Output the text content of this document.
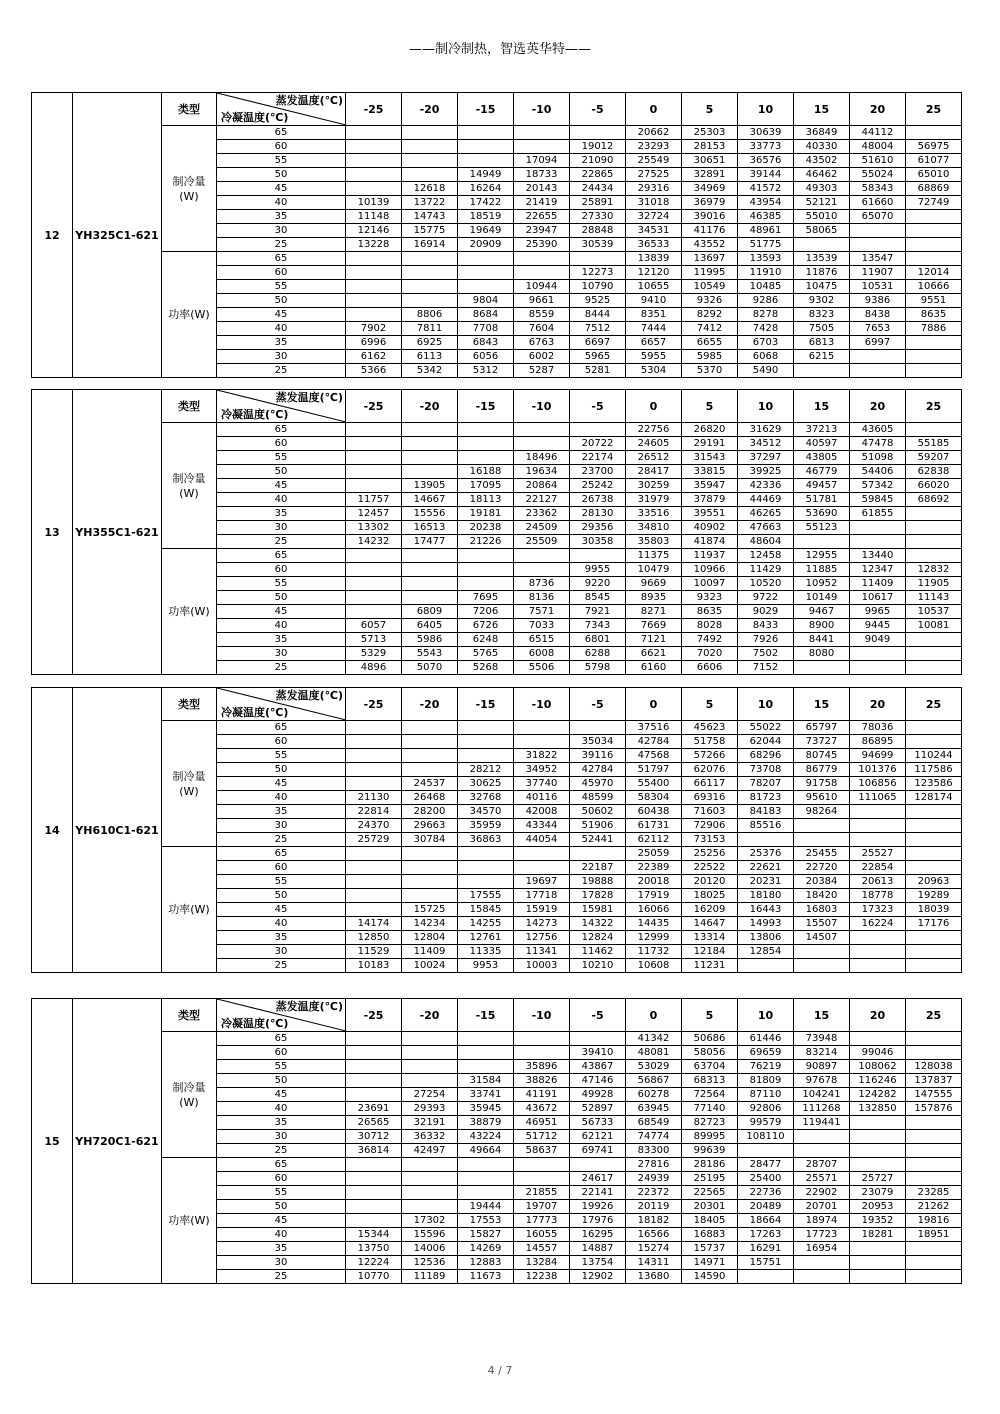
——制冷制热，智选英华特——
12	YH325C1-621	类型	蒸发温度(℃)
冷凝温度(℃)	-25	-20	-15	-10	-5	0	5	10	15	20	25
		制冷量
(W)	65						20662	25303	30639	36849	44112	
			60					19012	23293	28153	33773	40330	48004	56975
			55				17094	21090	25549	30651	36576	43502	51610	61077
			50			14949	18733	22865	27525	32891	39144	46462	55024	65010
			45		12618	16264	20143	24434	29316	34969	41572	49303	58343	68869
			40	10139	13722	17422	21419	25891	31018	36979	43954	52121	61660	72749
			35	11148	14743	18519	22655	27330	32724	39016	46385	55010	65070	
			30	12146	15775	19649	23947	28848	34531	41176	48961	58065		
			25	13228	16914	20909	25390	30539	36533	43552	51775			
		功率(W)	65						13839	13697	13593	13539	13547	
			60					12273	12120	11995	11910	11876	11907	12014
			55				10944	10790	10655	10549	10485	10475	10531	10666
			50			9804	9661	9525	9410	9326	9286	9302	9386	9551
			45		8806	8684	8559	8444	8351	8292	8278	8323	8438	8635
			40	7902	7811	7708	7604	7512	7444	7412	7428	7505	7653	7886
			35	6996	6925	6843	6763	6697	6657	6655	6703	6813	6997	
			30	6162	6113	6056	6002	5965	5955	5985	6068	6215		
			25	5366	5342	5312	5287	5281	5304	5370	5490			
13	YH355C1-621	类型	蒸发温度(℃)
冷凝温度(℃)	-25	-20	-15	-10	-5	0	5	10	15	20	25
		制冷量
(W)	65						22756	26820	31629	37213	43605	
			60					20722	24605	29191	34512	40597	47478	55185
			55				18496	22174	26512	31543	37297	43805	51098	59207
			50			16188	19634	23700	28417	33815	39925	46779	54406	62838
			45		13905	17095	20864	25242	30259	35947	42336	49457	57342	66020
			40	11757	14667	18113	22127	26738	31979	37879	44469	51781	59845	68692
			35	12457	15556	19181	23362	28130	33516	39551	46265	53690	61855	
			30	13302	16513	20238	24509	29356	34810	40902	47663	55123		
			25	14232	17477	21226	25509	30358	35803	41874	48604			
		功率(W)	65						11375	11937	12458	12955	13440	
			60					9955	10479	10966	11429	11885	12347	12832
			55				8736	9220	9669	10097	10520	10952	11409	11905
			50			7695	8136	8545	8935	9323	9722	10149	10617	11143
			45		6809	7206	7571	7921	8271	8635	9029	9467	9965	10537
			40	6057	6405	6726	7033	7343	7669	8028	8433	8900	9445	10081
			35	5713	5986	6248	6515	6801	7121	7492	7926	8441	9049	
			30	5329	5543	5765	6008	6288	6621	7020	7502	8080		
			25	4896	5070	5268	5506	5798	6160	6606	7152			
14	YH610C1-621	类型	蒸发温度(℃)
冷凝温度(℃)	-25	-20	-15	-10	-5	0	5	10	15	20	25
		制冷量
(W)	65						37516	45623	55022	65797	78036	
			60					35034	42784	51758	62044	73727	86895	
			55				31822	39116	47568	57266	68296	80745	94699	110244
			50			28212	34952	42784	51797	62076	73708	86779	101376	117586
			45		24537	30625	37740	45970	55400	66117	78207	91758	106856	123586
			40	21130	26468	32768	40116	48599	58304	69316	81723	95610	111065	128174
			35	22814	28200	34570	42008	50602	60438	71603	84183	98264		
			30	24370	29663	35959	43344	51906	61731	72906	85516			
			25	25729	30784	36863	44054	52441	62112	73153				
		功率(W)	65						25059	25256	25376	25455	25527	
			60					22187	22389	22522	22621	22720	22854	
			55				19697	19888	20018	20120	20231	20384	20613	20963
			50			17555	17718	17828	17919	18025	18180	18420	18778	19289
			45		15725	15845	15919	15981	16066	16209	16443	16803	17323	18039
			40	14174	14234	14255	14273	14322	14435	14647	14993	15507	16224	17176
			35	12850	12804	12761	12756	12824	12999	13314	13806	14507		
			30	11529	11409	11335	11341	11462	11732	12184	12854			
			25	10183	10024	9953	10003	10210	10608	11231				
15	YH720C1-621	类型	蒸发温度(℃)
冷凝温度(℃)	-25	-20	-15	-10	-5	0	5	10	15	20	25
		制冷量
(W)	65						41342	50686	61446	73948		
			60					39410	48081	58056	69659	83214	99046	
			55				35896	43867	53029	63704	76219	90897	108062	128038
			50			31584	38826	47146	56867	68313	81809	97678	116246	137837
			45		27254	33741	41191	49928	60278	72564	87110	104241	124282	147555
			40	23691	29393	35945	43672	52897	63945	77140	92806	111268	132850	157876
			35	26565	32191	38879	46951	56733	68549	82723	99579	119441		
			30	30712	36332	43224	51712	62121	74774	89995	108110			
			25	36814	42497	49664	58637	69741	83300	99639				
		功率(W)	65						27816	28186	28477	28707		
			60					24617	24939	25195	25400	25571	25727	
			55				21855	22141	22372	22565	22736	22902	23079	23285
			50			19444	19707	19926	20119	20301	20489	20701	20953	21262
			45		17302	17553	17773	17976	18182	18405	18664	18974	19352	19816
			40	15344	15596	15827	16055	16295	16566	16883	17263	17723	18281	18951
			35	13750	14006	14269	14557	14887	15274	15737	16291	16954		
			30	12224	12536	12883	13284	13754	14311	14971	15751			
			25	10770	11189	11673	12238	12902	13680	14590				
4 / 7
